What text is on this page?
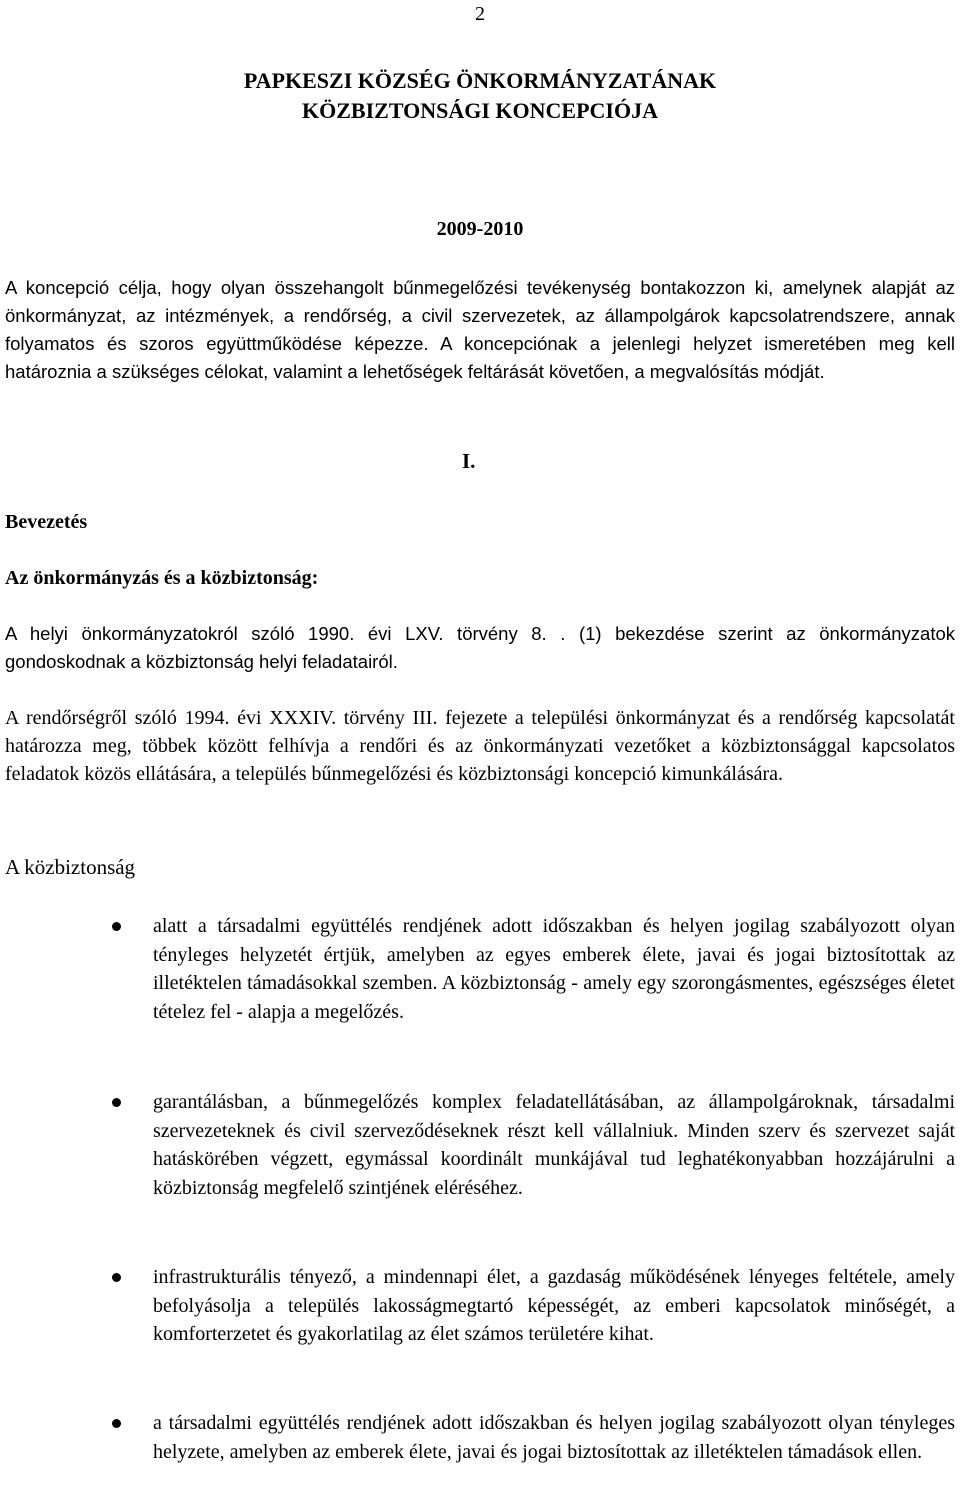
2
PAPKESZI KÖZSÉG ÖNKORMÁNYZATÁNAK
KÖZBIZTONSÁGI KONCEPCIÓJA
2009-2010
A koncepció célja, hogy olyan összehangolt bűnmegelőzési tevékenység bontakozzon ki, amelynek alapját az önkormányzat, az intézmények, a rendőrség, a civil szervezetek, az állampolgárok kapcsolatrendszere, annak folyamatos és szoros együttműködése képezze. A koncepciónak a jelenlegi helyzet ismeretében meg kell határoznia a szükséges célokat, valamint a lehetőségek feltárását követően, a megvalósítás módját.
I.
Bevezetés
Az önkormányzás és a közbiztonság:
A helyi önkormányzatokról szóló 1990. évi LXV. törvény 8. . (1) bekezdése szerint az önkormányzatok gondoskodnak a közbiztonság helyi feladatairól.
A rendőrségről szóló 1994. évi XXXIV. törvény III. fejezete a települési önkormányzat és a rendőrség kapcsolatát határozza meg, többek között felhívja a rendőri és az önkormányzati vezetőket a közbiztonsággal kapcsolatos feladatok közös ellátására, a település bűnmegelőzési és közbiztonsági koncepció kimunkálására.
A közbiztonság
alatt a társadalmi együttélés rendjének adott időszakban és helyen jogilag szabályozott olyan tényleges helyzetét értjük, amelyben az egyes emberek élete, javai és jogai biztosítottak az illetéktelen támadásokkal szemben. A közbiztonság - amely egy szorongásmentes, egészséges életet tételez fel - alapja a megelőzés.
garantálásban, a bűnmegelőzés komplex feladatellátásában, az állampolgároknak, társadalmi szervezeteknek és civil szerveződéseknek részt kell vállalniuk. Minden szerv és szervezet saját hatáskörében végzett, egymással koordinált munkájával tud leghatékonyabban hozzájárulni a közbiztonság megfelelő szintjének eléréséhez.
infrastrukturális tényező, a mindennapi élet, a gazdaság működésének lényeges feltétele, amely befolyásolja a település lakosságmegtartó képességét, az emberi kapcsolatok minőségét, a komforterzetet és gyakorlatilag az élet számos területére kihat.
a társadalmi együttélés rendjének adott időszakban és helyen jogilag szabályozott olyan tényleges helyzete, amelyben az emberek élete, javai és jogai biztosítottak az illetéktelen támadások ellen.
